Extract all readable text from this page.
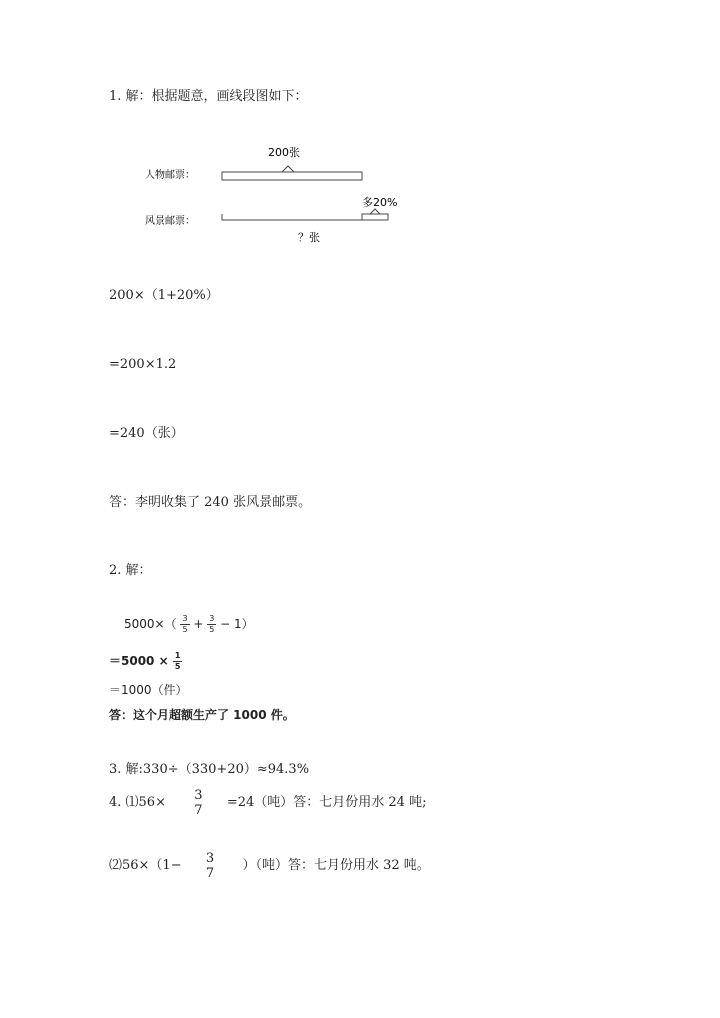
1. 解：根据题意，画线段图如下：
200张
人物邮票：
风景邮票：
多20%
？张
200×（1+20%）
=200×1.2
=240（张）
答：李明收集了 240 张风景邮票。
2. 解：
$5000\times( \frac{3}{5} + \frac{3}{5} - 1)$
$=5000 \times \frac{1}{5}$
＝1000（件）
答：这个月超额生产了 1000 件。
3. 解:330÷（330+20）≈94.3%
4. ⑴56× 3
7 =24（吨）答：七月份用水 24 吨;
⑵56×（1− 3
7 ）（吨）答：七月份用水 32 吨。
